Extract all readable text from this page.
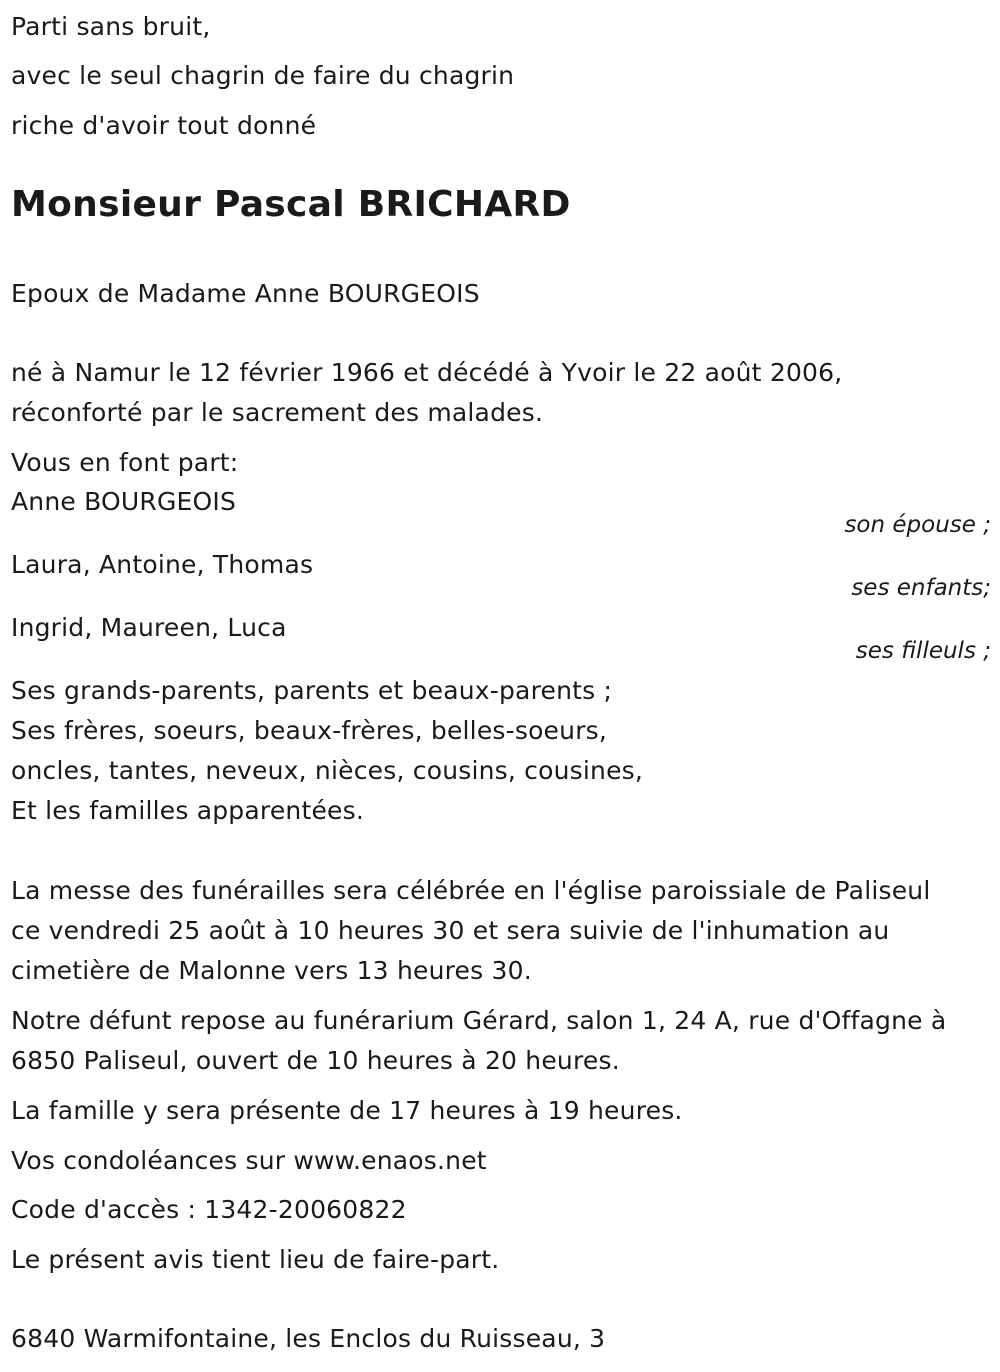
Parti sans bruit,
avec le seul chagrin de faire du chagrin
riche d'avoir tout donné
Monsieur Pascal BRICHARD
Epoux de Madame Anne BOURGEOIS
né à Namur le 12 février 1966 et décédé à Yvoir le 22 août 2006,
réconforté par le sacrement des malades.
Vous en font part:
Anne BOURGEOIS
son épouse ;
Laura, Antoine, Thomas
ses enfants;
Ingrid, Maureen, Luca
ses filleuls ;
Ses grands-parents, parents et beaux-parents ;
Ses frères, soeurs, beaux-frères, belles-soeurs,
oncles, tantes, neveux, nièces, cousins, cousines,
Et les familles apparentées.
La messe des funérailles sera célébrée en l'église paroissiale de Paliseul
ce vendredi 25 août à 10 heures 30 et sera suivie de l'inhumation au
cimetière de Malonne vers 13 heures 30.
Notre défunt repose au funérarium Gérard, salon 1, 24 A, rue d'Offagne à
6850 Paliseul, ouvert de 10 heures à 20 heures.
La famille y sera présente de 17 heures à 19 heures.
Vos condoléances sur www.enaos.net
Code d'accès : 1342-20060822
Le présent avis tient lieu de faire-part.
6840 Warmifontaine, les Enclos du Ruisseau, 3
